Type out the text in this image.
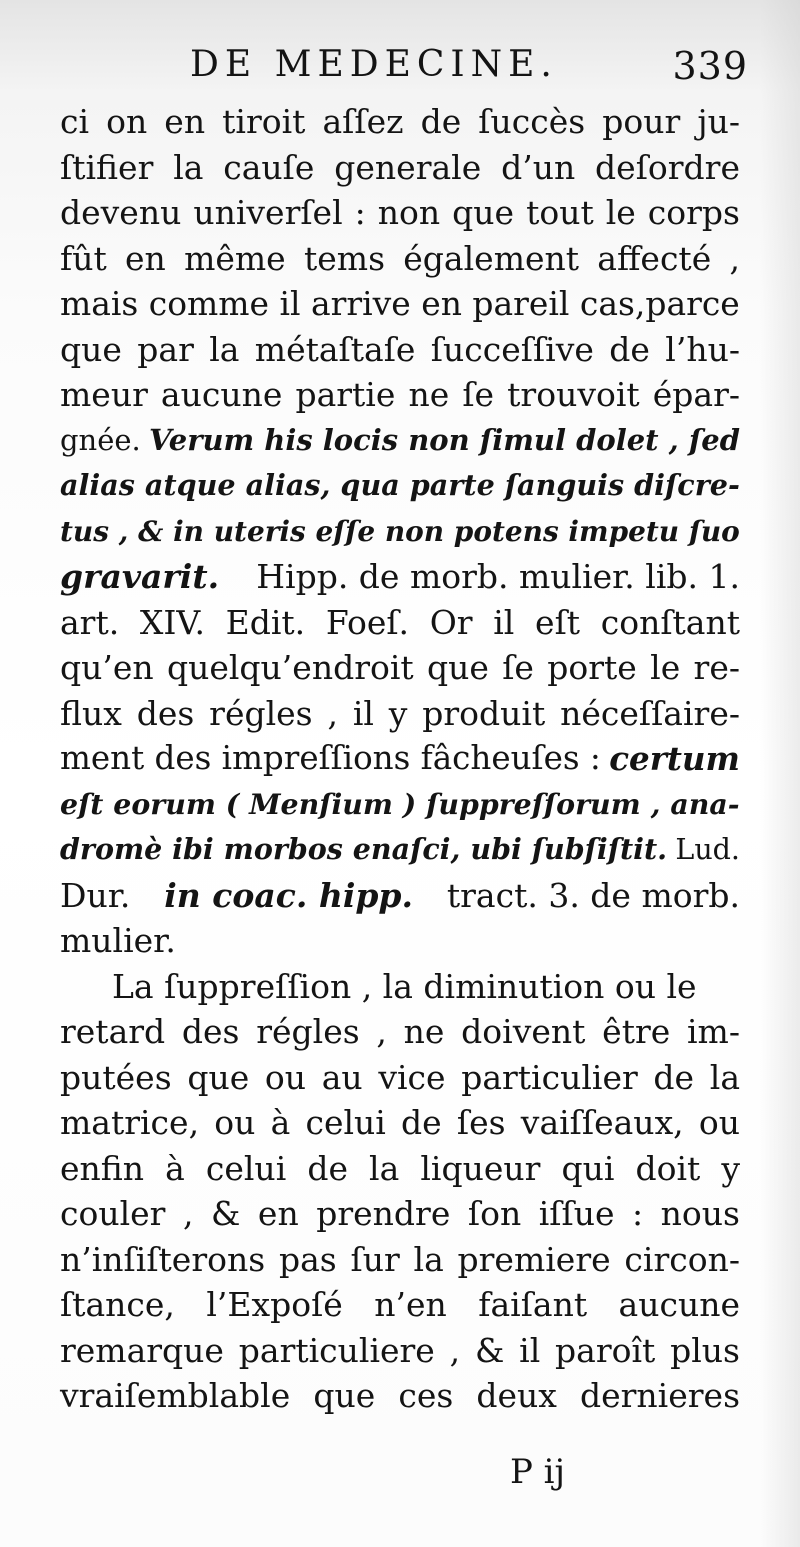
DE MEDECINE.	339
ci on en tiroit aſſez de ſuccès pour ju-
ſtifier la cauſe generale d’un deſordre
devenu univerſel : non que tout le corps
fût en même tems également affecté ,
mais comme il arrive en pareil cas,parce
que par la métaſtaſe ſucceſſive de l’hu-
meur aucune partie ne ſe trouvoit épar-
gnée. Verum his locis non ſimul dolet , ſed
alias atque alias, qua parte ſanguis diſcre-
tus , & in uteris eſſe non potens impetu ſuo
gravarit. Hipp. de morb. mulier. lib. 1.
art. XIV. Edit. Foeſ. Or il eſt conſtant
qu’en quelqu’endroit que ſe porte le re-
flux des régles , il y produit néceſſaire-
ment des impreſſions fâcheuſes : certum
eſt eorum ( Menſium ) ſuppreſſorum , ana-
dromè ibi morbos enaſci, ubi ſubſiſtit. Lud.
Dur. in coac. hipp. tract. 3. de morb.
mulier.
La ſuppreſſion , la diminution ou le
retard des régles , ne doivent être im-
putées que ou au vice particulier de la
matrice, ou à celui de ſes vaiſſeaux, ou
enfin à celui de la liqueur qui doit y
couler , & en prendre ſon iſſue : nous
n’inſiſterons pas ſur la premiere circon-
ſtance, l’Expoſé n’en faiſant aucune
remarque particuliere , & il paroît plus
vraiſemblable que ces deux dernieres
P ij
